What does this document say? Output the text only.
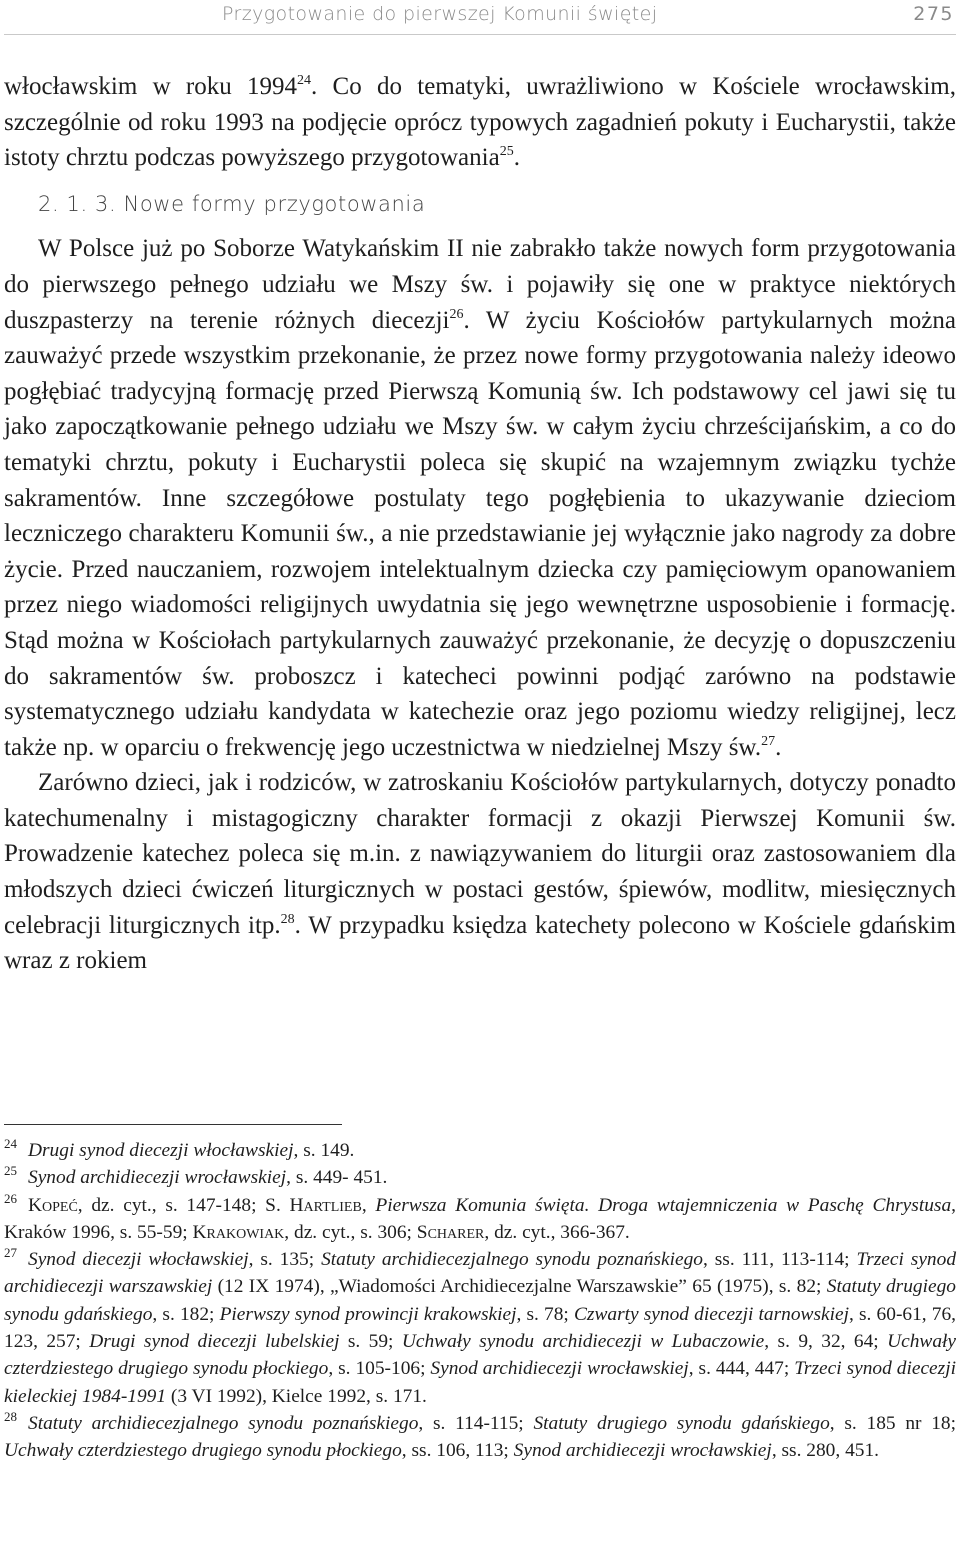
Przygotowanie do pierwszej Komunii świętej	275

włocławskim w roku 1994$^{24}$. Co do tematyki, uwrażliwiono w Kościele wrocławskim, szczególnie od roku 1993 na podjęcie oprócz typowych zagadnień pokuty i Eucharystii, także istoty chrztu podczas powyższego przygotowania$^{25}$.

2. 1. 3. Nowe formy przygotowania

W Polsce już po Soborze Watykańskim II nie zabrakło także nowych form przygotowania do pierwszego pełnego udziału we Mszy św. i pojawiły się one w praktyce niektórych duszpasterzy na terenie różnych diecezji$^{26}$. W życiu Kościołów partykularnych można zauważyć przede wszystkim przekonanie, że przez nowe formy przygotowania należy ideowo pogłębiać tradycyjną formację przed Pierwszą Komunią św. Ich podstawowy cel jawi się tu jako zapoczątkowanie pełnego udziału we Mszy św. w całym życiu chrześcijańskim, a co do tematyki chrztu, pokuty i Eucharystii poleca się skupić na wzajemnym związku tychże sakramentów. Inne szczegółowe postulaty tego pogłębienia to ukazywanie dzieciom leczniczego charakteru Komunii św., a nie przedstawianie jej wyłącznie jako nagrody za dobre życie. Przed nauczaniem, rozwojem intelektualnym dziecka czy pamięciowym opanowaniem przez niego wiadomości religijnych uwydatnia się jego wewnętrzne usposobienie i formację. Stąd można w Kościołach partykularnych zauważyć przekonanie, że decyzję o dopuszczeniu do sakramentów św. proboszcz i katecheci powinni podjąć zarówno na podstawie systematycznego udziału kandydata w katechezie oraz jego poziomu wiedzy religijnej, lecz także np. w oparciu o frekwencję jego uczestnictwa w niedzielnej Mszy św.$^{27}$.

Zarówno dzieci, jak i rodziców, w zatroskaniu Kościołów partykularnych, dotyczy ponadto katechumenalny i mistagogiczny charakter formacji z okazji Pierwszej Komunii św. Prowadzenie katechez poleca się m.in. z nawiązywaniem do liturgii oraz zastosowaniem dla młodszych dzieci ćwiczeń liturgicznych w postaci gestów, śpiewów, modlitw, miesięcznych celebracji liturgicznych itp.$^{28}$. W przypadku księdza katechety polecono w Kościele gdańskim wraz z rokiem

$^{24}$ Drugi synod diecezji włocławskiej, s. 149.

$^{25}$ Synod archidiecezji wrocławskiej, s. 449- 451.

$^{26}$ Kopeć, dz. cyt., s. 147-148; S. Hartlieb, Pierwsza Komunia święta. Droga wtajemniczenia w Paschę Chrystusa, Kraków 1996, s. 55-59; Krakowiak, dz. cyt., s. 306; Scharer, dz. cyt., 366-367.

$^{27}$ Synod diecezji włocławskiej, s. 135; Statuty archidiecezjalnego synodu poznańskiego, ss. 111, 113-114; Trzeci synod archidiecezji warszawskiej (12 IX 1974), „Wiadomości Archidiecezjalne Warszawskie” 65 (1975), s. 82; Statuty drugiego synodu gdańskiego, s. 182; Pierwszy synod prowincji krakowskiej, s. 78; Czwarty synod diecezji tarnowskiej, s. 60-61, 76, 123, 257; Drugi synod diecezji lubelskiej s. 59; Uchwały synodu archidiecezji w Lubaczowie, s. 9, 32, 64; Uchwały czterdziestego drugiego synodu płockiego, s. 105-106; Synod archidiecezji wrocławskiej, s. 444, 447; Trzeci synod diecezji kieleckiej 1984-1991 (3 VI 1992), Kielce 1992, s. 171.

$^{28}$ Statuty archidiecezjalnego synodu poznańskiego, s. 114-115; Statuty drugiego synodu gdańskiego, s. 185 nr 18; Uchwały czterdziestego drugiego synodu płockiego, ss. 106, 113; Synod archidiecezji wrocławskiej, ss. 280, 451.
